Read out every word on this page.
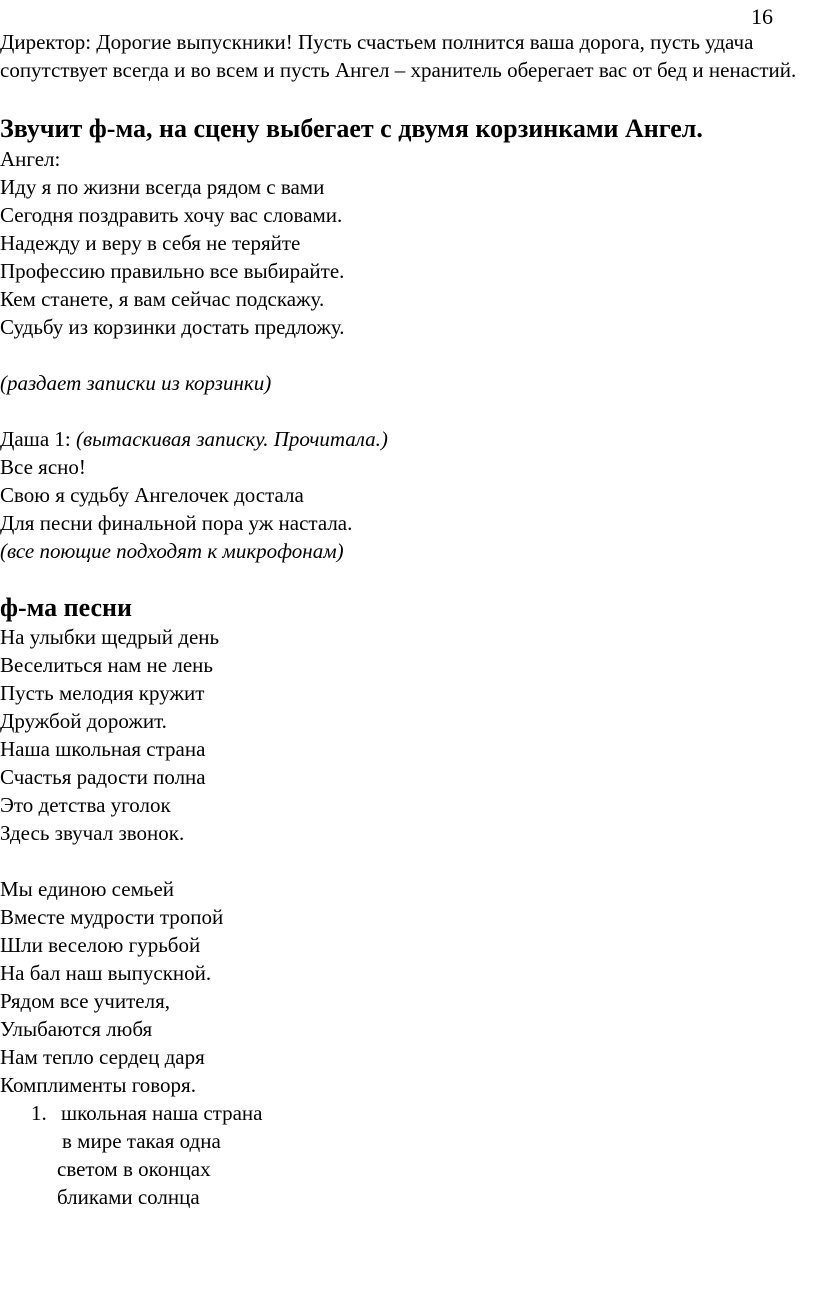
16

Директор: Дорогие выпускники! Пусть счастьем полнится ваша дорога, пусть удача сопутствует всегда и во всем и пусть Ангел – хранитель оберегает вас от бед и ненастий.

Звучит ф-ма, на сцену выбегает с двумя корзинками Ангел.

Ангел:

Иду я по жизни всегда рядом с вами

Сегодня поздравить хочу вас словами.

Надежду и веру в себя не теряйте

Профессию правильно все выбирайте.

Кем станете, я вам сейчас подскажу.

Судьбу из корзинки достать предложу.

(раздает записки из корзинки)

Даша 1: (вытаскивая записку. Прочитала.)

Все ясно!

Свою я судьбу Ангелочек достала

Для песни финальной пора уж настала.

(все поющие подходят к микрофонам)

ф-ма песни

На улыбки щедрый день

Веселиться нам не лень

Пусть мелодия кружит

Дружбой дорожит.

Наша школьная страна

Счастья радости полна

Это детства уголок

Здесь звучал звонок.

Мы единою семьей

Вместе мудрости тропой

Шли веселою гурьбой

На бал наш выпускной.

Рядом все учителя,

Улыбаются любя

Нам тепло сердец даря

Комплименты говоря.

1. школьная наша страна

в мире такая одна

светом в оконцах

бликами солнца
